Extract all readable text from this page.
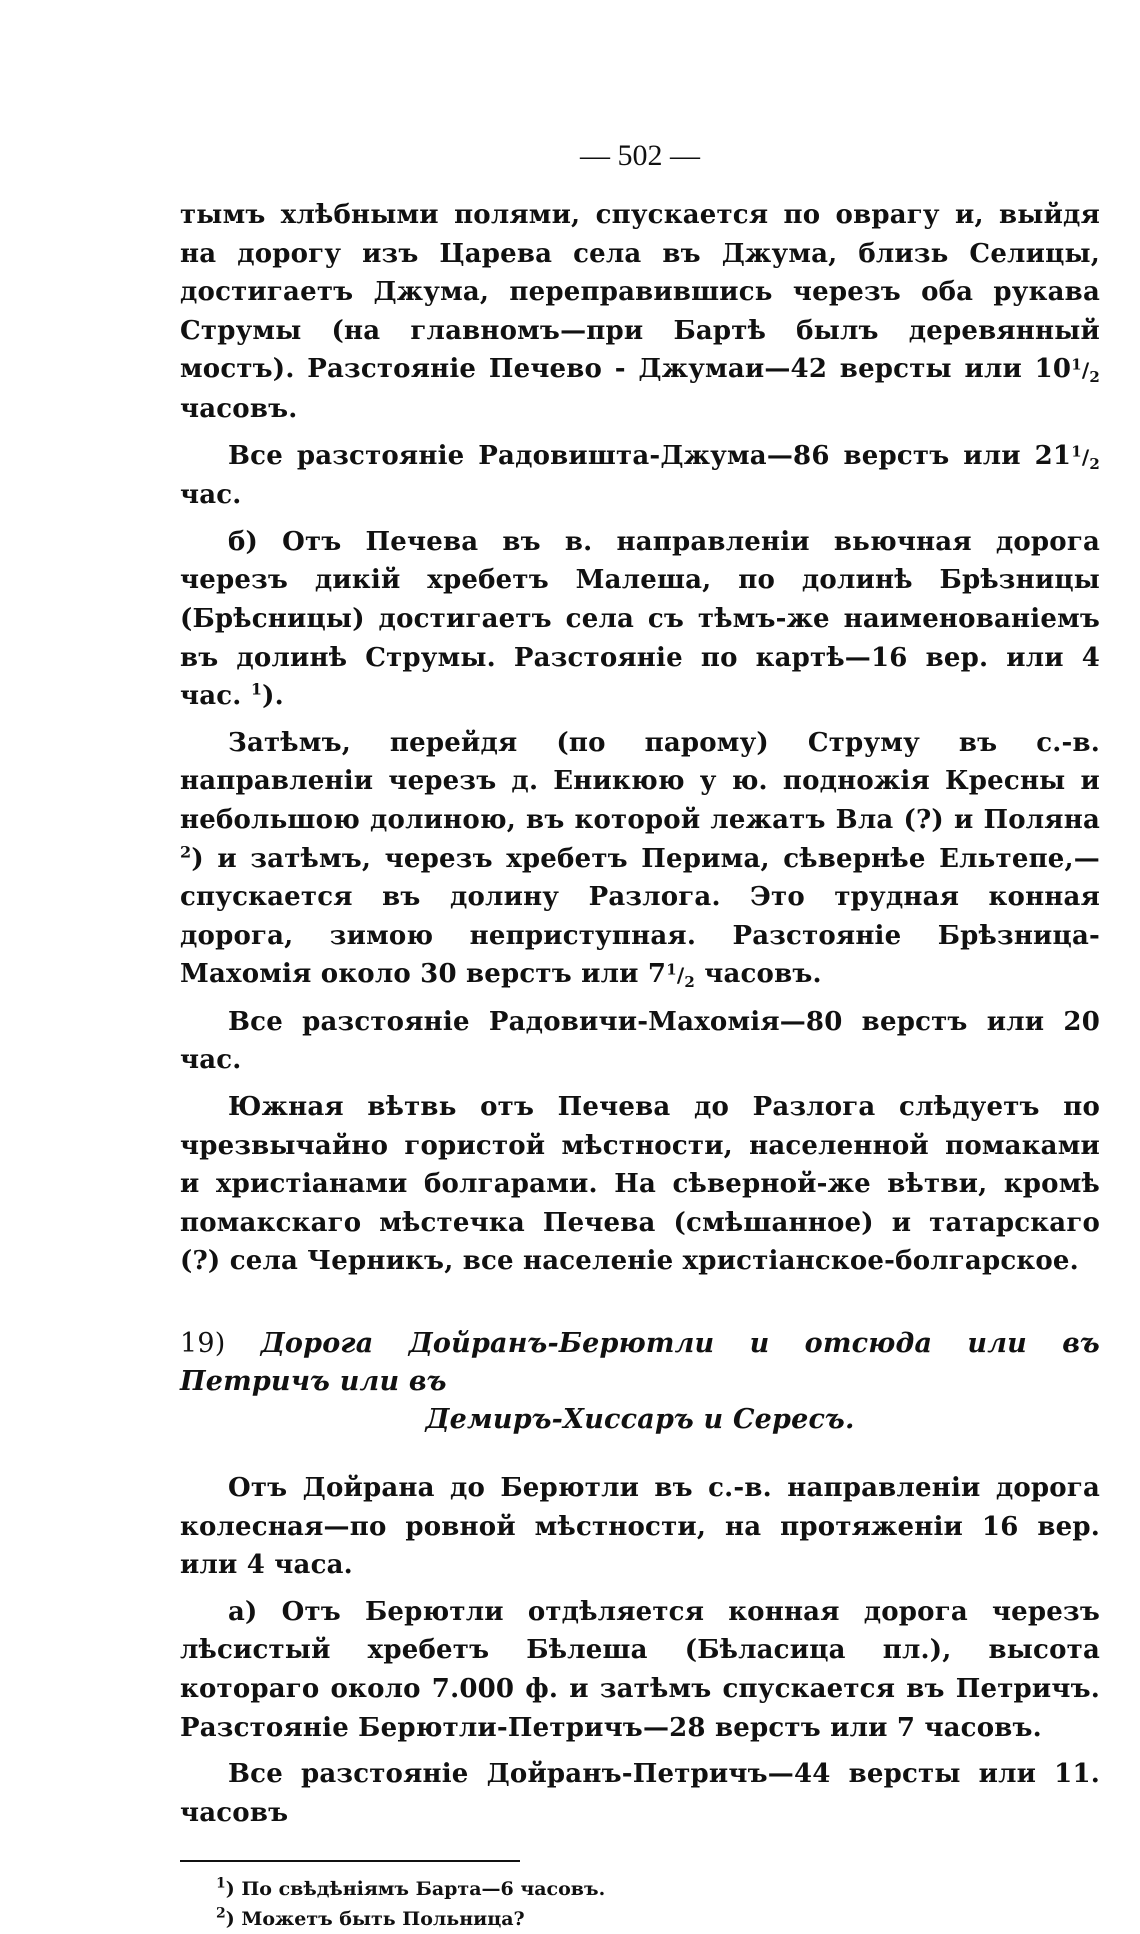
— 502 —

тымъ хлѣбными полями, спускается по оврагу и, выйдя на дорогу изъ Царева села въ Джума, близь Селицы, достигаетъ Джума, переправившись черезъ оба рукава Струмы (на главномъ—при Бартѣ былъ деревянный мостъ). Разстояніе Печево - Джумаи—42 версты или $10^1/_2$ часовъ.

Все разстояніе Радовишта-Джума—86 верстъ или $21^1/_2$ час.

б) Отъ Печева въ в. направленіи вьючная дорога черезъ дикій хребетъ Малеша, по долинѣ Брѣзницы (Брѣсницы) достигаетъ села съ тѣмъ-же наименованіемъ въ долинѣ Струмы. Разстояніе по картѣ—16 вер. или 4 час. $^1$).

Затѣмъ, перейдя (по парому) Струму въ с.-в. направленіи черезъ д. Еникюю у ю. подножія Кресны и небольшою долиною, въ которой лежатъ Вла (?) и Поляна $^2$) и затѣмъ, черезъ хребетъ Перима, сѣвернѣе Ельтепе,—спускается въ долину Разлога. Это трудная конная дорога, зимою неприступная. Разстояніе Брѣзница-Махомія около 30 верстъ или $7^1/_2$ часовъ.

Все разстояніе Радовичи-Махомія—80 верстъ или 20 час.

Южная вѣтвь отъ Печева до Разлога слѣдуетъ по чрезвычайно гористой мѣстности, населенной помаками и христіанами болгарами. На сѣверной-же вѣтви, кромѣ помакскаго мѣстечка Печева (смѣшанное) и татарскаго (?) села Черникъ, все населеніе христіанское-болгарское.

19) Дорога Дойранъ-Берютли и отсюда или въ Петричъ или въ
Демиръ-Хиссаръ и Сересъ.

Отъ Дойрана до Берютли въ с.-в. направленіи дорога колесная—по ровной мѣстности, на протяженіи 16 вер. или 4 часа.

а) Отъ Берютли отдѣляется конная дорога черезъ лѣсистый хребетъ Бѣлеша (Бѣласица пл.), высота котораго около 7.000 ф. и затѣмъ спускается въ Петричъ. Разстояніе Берютли-Петричъ—28 верстъ или 7 часовъ.

Все разстояніе Дойранъ-Петричъ—44 версты или 11. часовъ

$^1$) По свѣдѣніямъ Барта—6 часовъ.
$^2$) Можетъ быть Польница?
